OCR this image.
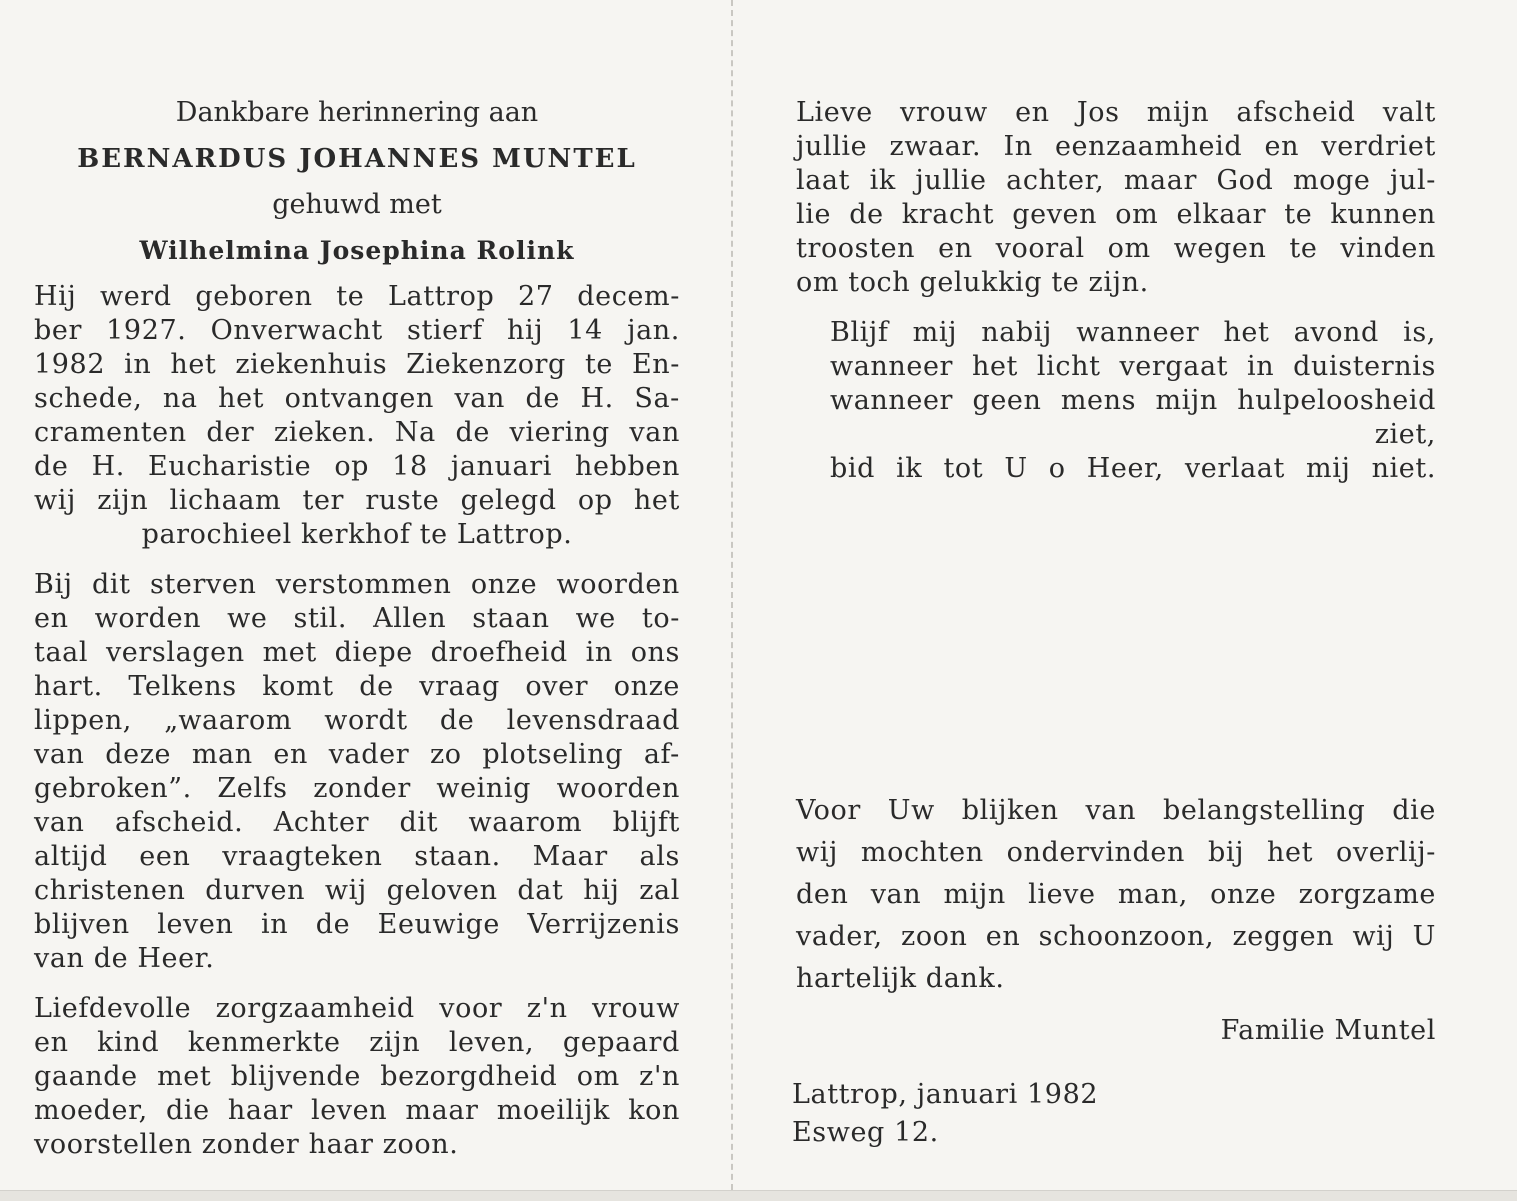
Dankbare herinnering aan
BERNARDUS JOHANNES MUNTEL
gehuwd met
Wilhelmina Josephina Rolink
Hij werd geboren te Lattrop 27 decem-
ber 1927. Onverwacht stierf hij 14 jan.
1982 in het ziekenhuis Ziekenzorg te En-
schede, na het ontvangen van de H. Sa-
cramenten der zieken. Na de viering van
de H. Eucharistie op 18 januari hebben
wij zijn lichaam ter ruste gelegd op het
parochieel kerkhof te Lattrop.
Bij dit sterven verstommen onze woorden
en worden we stil. Allen staan we to-
taal verslagen met diepe droefheid in ons
hart. Telkens komt de vraag over onze
lippen, „waarom wordt de levensdraad
van deze man en vader zo plotseling af-
gebroken”. Zelfs zonder weinig woorden
van afscheid. Achter dit waarom blijft
altijd een vraagteken staan. Maar als
christenen durven wij geloven dat hij zal
blijven leven in de Eeuwige Verrijzenis
van de Heer.
Liefdevolle zorgzaamheid voor z'n vrouw
en kind kenmerkte zijn leven, gepaard
gaande met blijvende bezorgdheid om z'n
moeder, die haar leven maar moeilijk kon
voorstellen zonder haar zoon.
Lieve vrouw en Jos mijn afscheid valt
jullie zwaar. In eenzaamheid en verdriet
laat ik jullie achter, maar God moge jul-
lie de kracht geven om elkaar te kunnen
troosten en vooral om wegen te vinden
om toch gelukkig te zijn.
Blijf mij nabij wanneer het avond is,
wanneer het licht vergaat in duisternis
wanneer geen mens mijn hulpeloosheid
ziet,
bid ik tot U o Heer, verlaat mij niet.
Voor Uw blijken van belangstelling die
wij mochten ondervinden bij het overlij-
den van mijn lieve man, onze zorgzame
vader, zoon en schoonzoon, zeggen wij U
hartelijk dank.
Familie Muntel
Lattrop, januari 1982
Esweg 12.
